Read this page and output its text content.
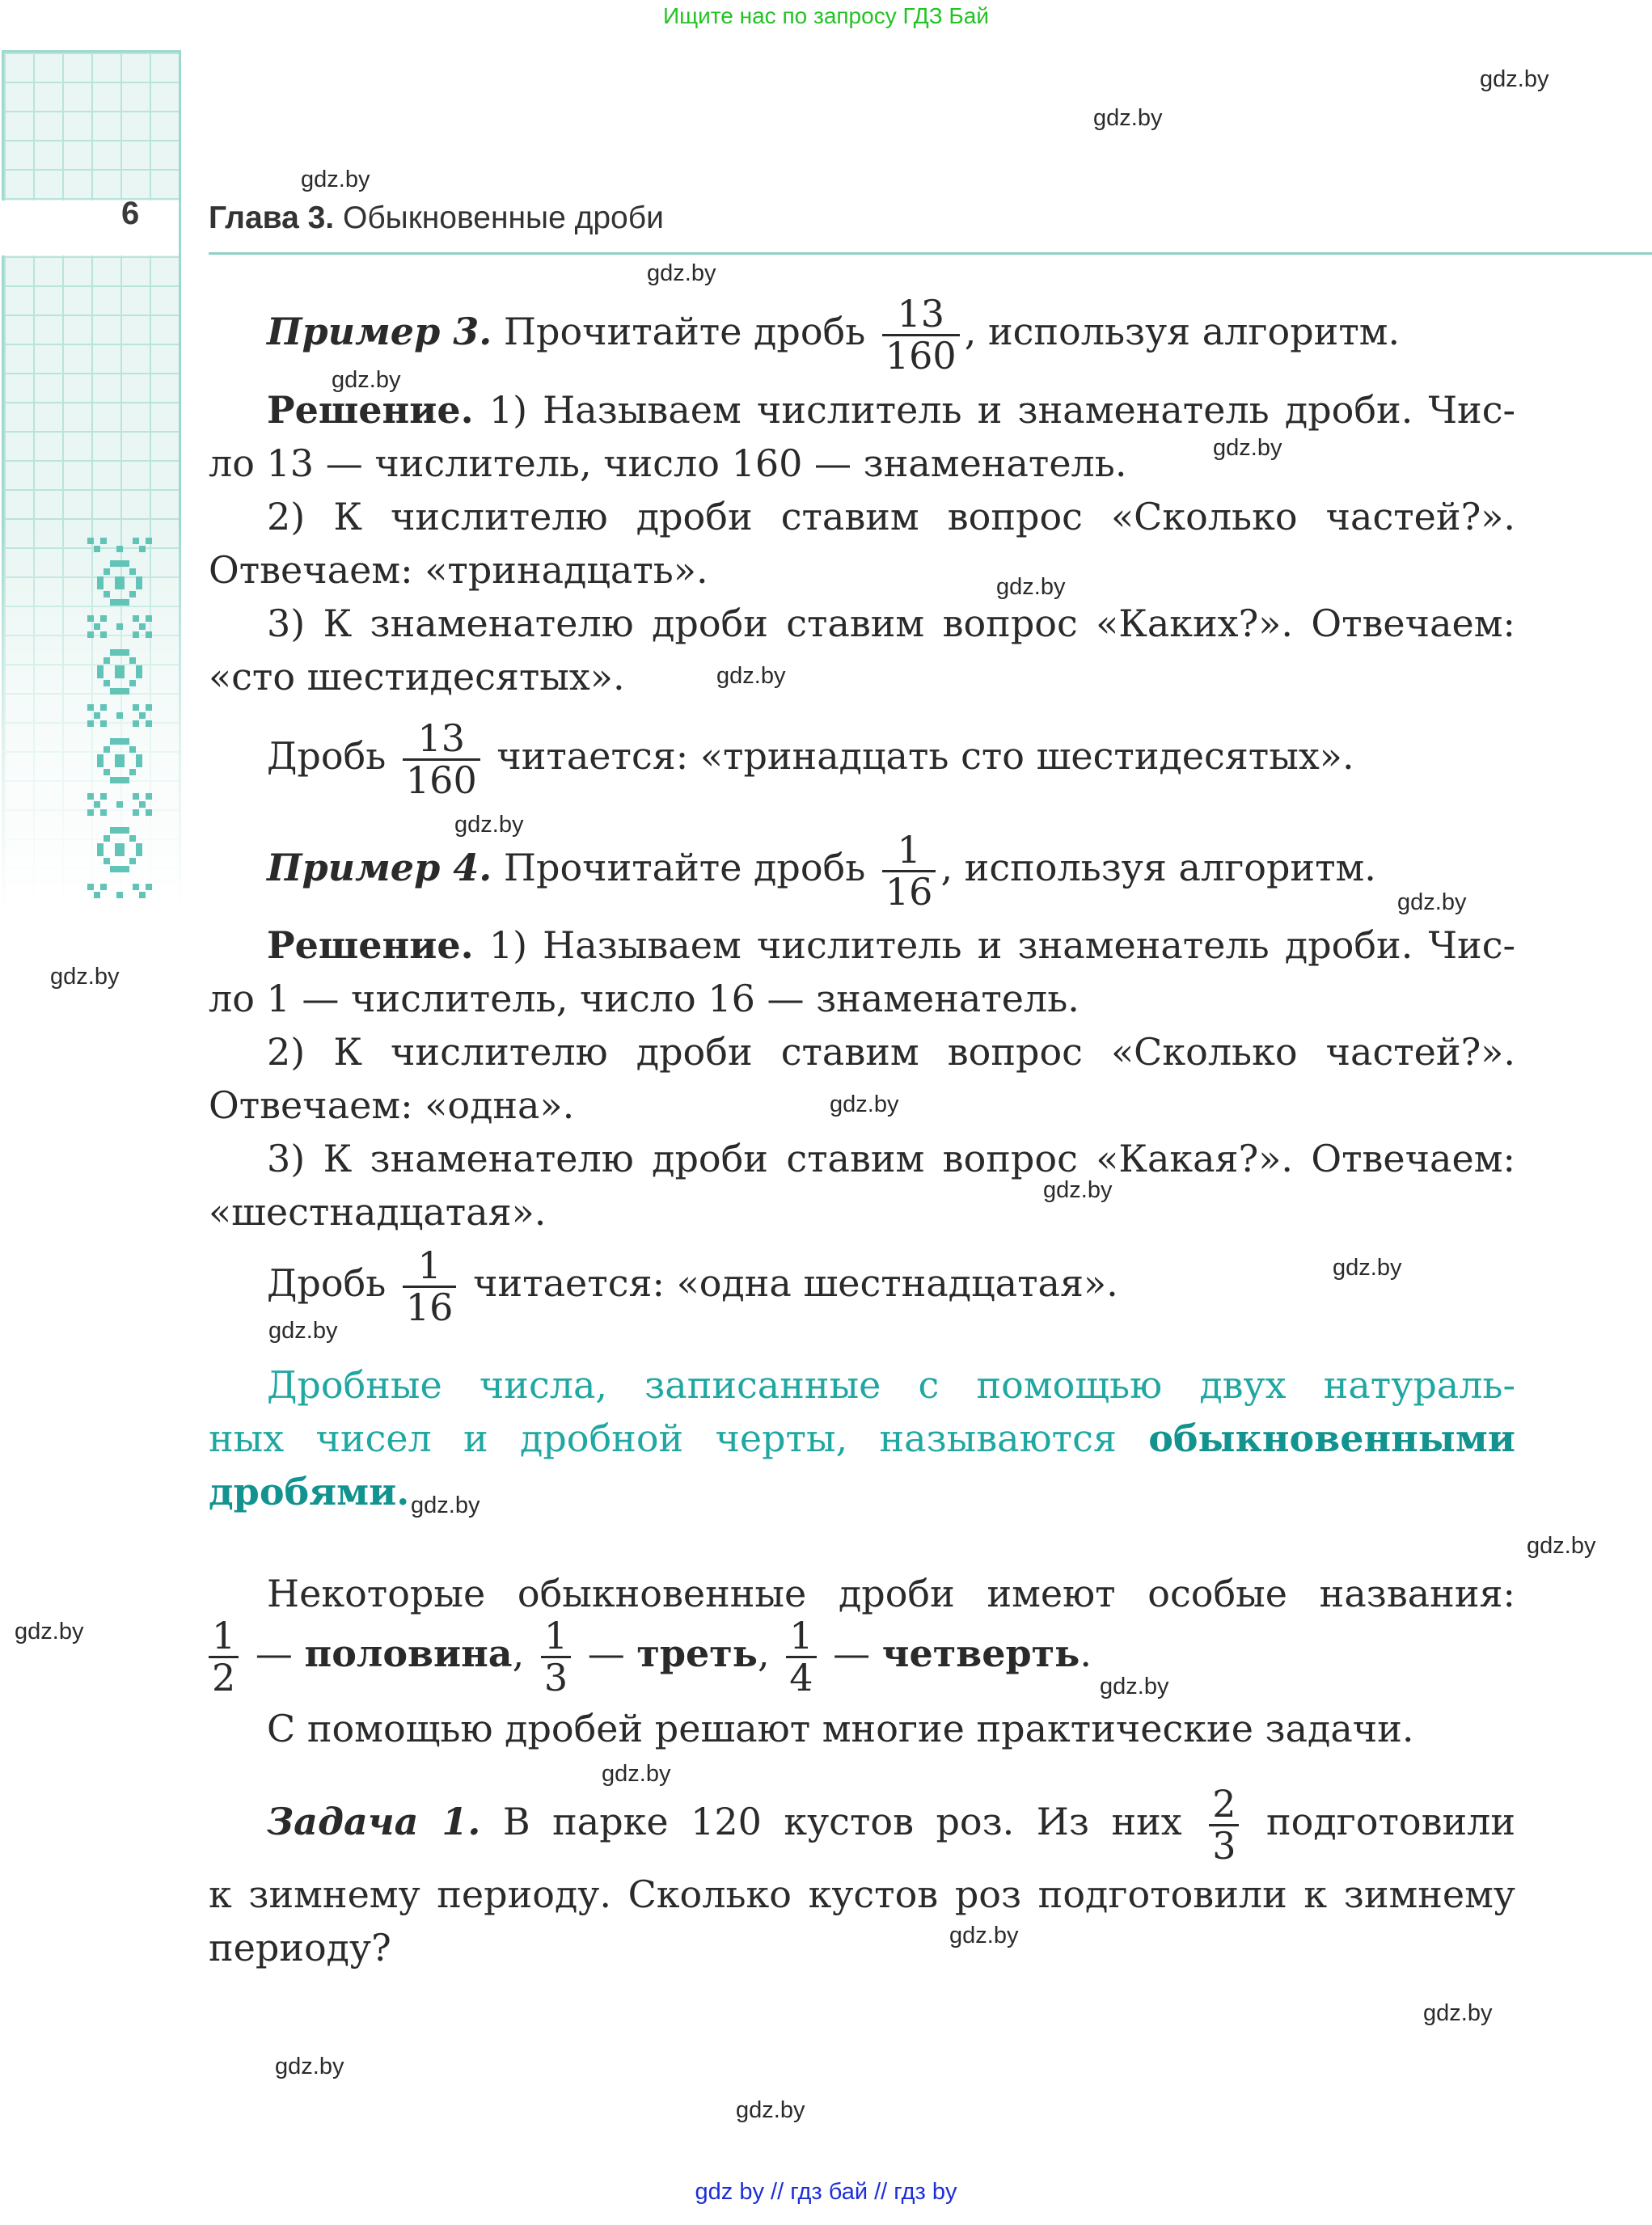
Ищите нас по запросу ГДЗ Бай
6 Глава 3. Обыкновенные дроби
Пример 3. Прочитайте дробь $\frac{13}{160}$ , используя алгоритм.
Решение. 1) Называем числитель и знаменатель дроби. Чис-
ло 13 — числитель, число 160 — знаменатель.
2) К числителю дроби ставим вопрос «Сколько частей?».
Отвечаем: «тринадцать».
3) К знаменателю дроби ставим вопрос «Каких?». Отвечаем:
«сто шестидесятых».
Дробь $\frac{13}{160}$ читается: «тринадцать сто шестидесятых».
Пример 4. Прочитайте дробь $\frac{1}{16}$ , используя алгоритм.
Решение. 1) Называем числитель и знаменатель дроби. Чис-
ло 1 — числитель, число 16 — знаменатель.
2) К числителю дроби ставим вопрос «Сколько частей?».
Отвечаем: «одна».
3) К знаменателю дроби ставим вопрос «Какая?». Отвечаем:
«шестнадцатая».
Дробь $\frac{1}{16}$ читается: «одна шестнадцатая».
Дробные числа, записанные с помощью двух натураль-
ных чисел и дробной черты, называются обыкновенными
дробями.
Некоторые обыкновенные дроби имеют особые названия:
$\frac{1}{2}$ — половина, $\frac{1}{3}$ — треть, $\frac{1}{4}$ — четверть.
С помощью дробей решают многие практические задачи.
Задача 1. В парке 120 кустов роз. Из них $\frac{2}{3}$ подготовили
к зимнему периоду. Сколько кустов роз подготовили к зимнему
периоду?
gdz.by
gdz.by
gdz.by
gdz.by
gdz.by
gdz.by
gdz.by
gdz.by
gdz.by
gdz.by
gdz.by
gdz.by
gdz.by
gdz.by
gdz.by
gdz.by
gdz.by
gdz.by
gdz.by
gdz.by
gdz.by
gdz.by
gdz.by
gdz.by
gdz by // гдз бай // гдз by
